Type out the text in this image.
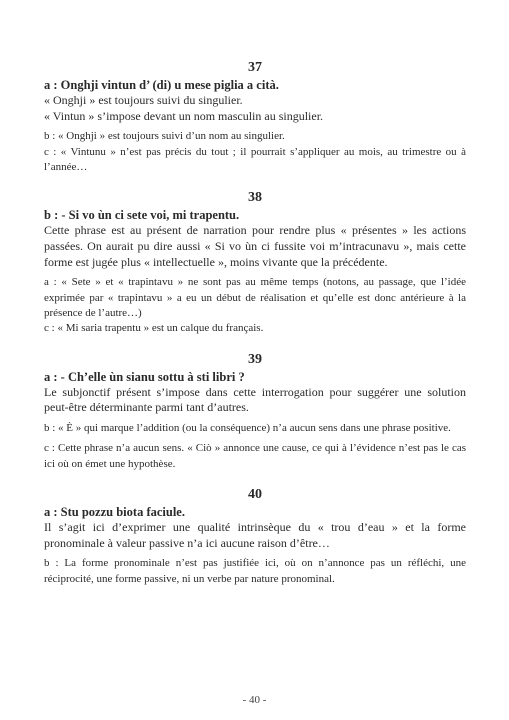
37
a : Onghji vintun d’ (di) u mese piglia a cità.
« Onghji » est toujours suivi du singulier.
« Vintun » s’impose devant un nom masculin au singulier.
b : « Onghji » est toujours suivi d’un nom au singulier.
c : « Vintunu » n’est pas précis du tout ; il pourrait s’appliquer au mois, au trimestre ou à l’année…
38
b : - Si vo ùn ci sete voi, mi trapentu.
Cette phrase est au présent de narration pour rendre plus « présentes » les actions passées. On aurait pu dire aussi « Si vo ùn ci fussite voi m’intracunavu », mais cette forme est jugée plus « intellectuelle », moins vivante que la précédente.
a : « Sete » et « trapintavu » ne sont pas au même temps (notons, au passage, que l’idée exprimée par « trapintavu » a eu un début de réalisation et qu’elle est donc antérieure à la présence de l’autre…)
c : « Mi saria trapentu » est un calque du français.
39
a : - Ch’elle ùn sianu sottu à sti libri ?
Le subjonctif présent s’impose dans cette interrogation pour suggérer une solution peut-être déterminante parmi tant d’autres.
b : « È » qui marque l’addition (ou la conséquence) n’a aucun sens dans une phrase positive.
c : Cette phrase n’a aucun sens. « Ciò » annonce une cause, ce qui à l’évidence n’est pas le cas ici où on émet une hypothèse.
40
a : Stu pozzu biota faciule.
Il s’agit ici d’exprimer une qualité intrinsèque du « trou d’eau » et la forme pronominale à valeur passive n’a ici aucune raison d’être…
b : La forme pronominale n’est pas justifiée ici, où on n’annonce pas un réfléchi, une réciprocité, une forme passive, ni un verbe par nature pronominal.
- 40 -
